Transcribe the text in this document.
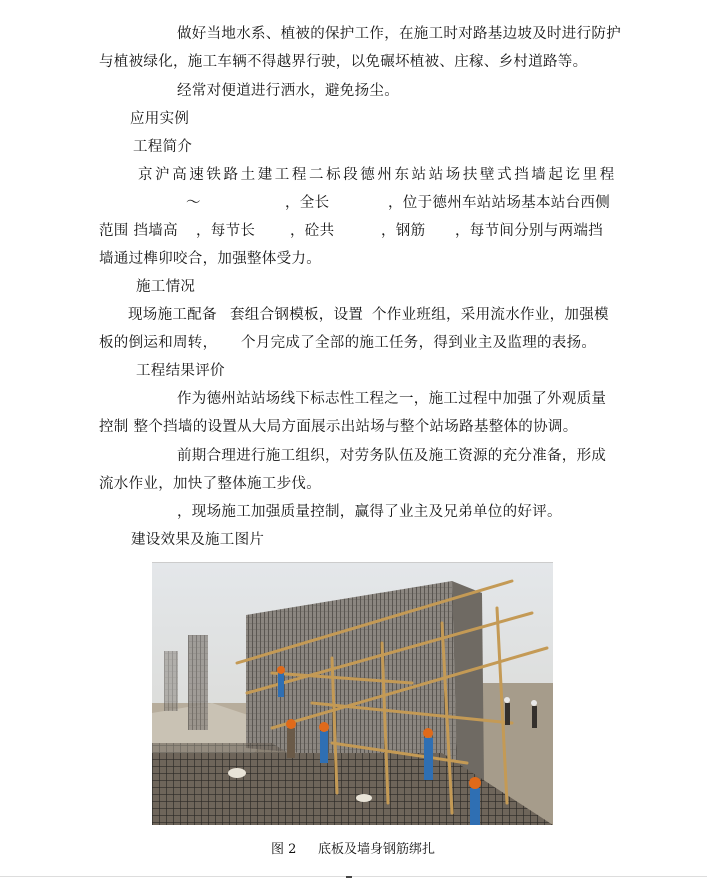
做好当地水系、植被的保护工作，在施工时对路基边坡及时进行防护
与植被绿化，施工车辆不得越界行驶，以免碾坏植被、庄稼、乡村道路等。
经常对便道进行洒水，避免扬尘。
应用实例
工程简介
京沪高速铁路土建工程二标段德州东站站场扶壁式挡墙起讫里程
～	，全长	，位于德州车站站场基本站台西侧
范围 挡墙高 ，每节长 ，砼共	，钢筋 ，每节间分别与两端挡
墙通过榫卯咬合，加强整体受力。
施工情况
现场施工配备 套组合钢模板，设置 个作业班组，采用流水作业，加强模
板的倒运和周转， 个月完成了全部的施工任务，得到业主及监理的表扬。
工程结果评价
作为德州站站场线下标志性工程之一，施工过程中加强了外观质量
控制 整个挡墙的设置从大局方面展示出站场与整个站场路基整体的协调。
前期合理进行施工组织，对劳务队伍及施工资源的充分准备，形成
流水作业，加快了整体施工步伐。
，现场施工加强质量控制，赢得了业主及兄弟单位的好评。
建设效果及施工图片
图 2 底板及墙身钢筋绑扎
